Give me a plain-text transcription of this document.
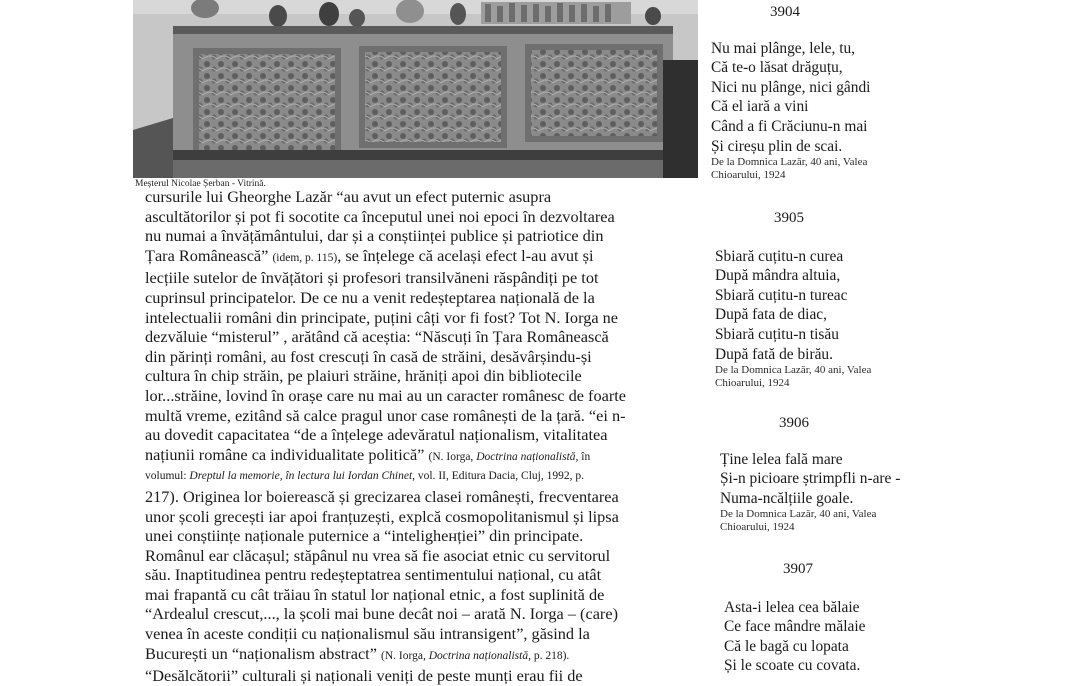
Meșterul Nicolae Șerban - Vitrină.
cursurile lui Gheorghe Lazăr “au avut un efect puternic asupra
ascultătorilor și pot fi socotite ca începutul unei noi epoci în dezvoltarea
nu numai a învățământului, dar și a conștiinței publice și patriotice din
Țara Românească” (idem, p. 115), se înțelege că același efect l-au avut și
lecțiile sutelor de învățători și profesori transilvăneni răspândiți pe tot
cuprinsul principatelor. De ce nu a venit redeșteptarea națională de la
intelectualii români din principate, puțini câți vor fi fost? Tot N. Iorga ne
dezvăluie “misterul” , arătând că aceștia: “Născuți în Țara Românească
din părinți români, au fost crescuți în casă de străini, desăvârșindu-și
cultura în chip străin, pe plaiuri străine, hrăniți apoi din bibliotecile
lor...străine, lovind în orașe care nu mai au un caracter românesc de foarte
multă vreme, ezitând să calce pragul unor case românești de la țară. “ei n-
au dovedit capacitatea “de a înțelege adevăratul naționalism, vitalitatea
națiunii române ca individualitate politică” (N. Iorga, Doctrina naționalistă, în
volumul: Dreptul la memorie, în lectura lui Iordan Chinet, vol. II, Editura Dacia, Cluj, 1992, p.
217). Originea lor boierească și grecizarea clasei românești, frecventarea
unor școli grecești iar apoi franțuzești, explcă cosmopolitanismul și lipsa
unei conștiințe naționale puternice a “inteligheнției” din principate.
Românul ear clăcașul; stăpânul nu vrea să fie asociat etnic cu servitorul
său. Inaptitudinea pentru redeșteptatrea sentimentului național, cu atât
mai frapantă cu cât trăiau în statul lor național etnic, a fost suplinită de
“Ardealul crescut,..., la școli mai bune decât noi – arată N. Iorga – (care)
venea în aceste condiții cu naționalismul său intransigent”, găsind la
București un “naționalism abstract” (N. Iorga, Doctrina naționalistă, p. 218).
“Desălcătorii” culturali și naționali veniți de peste munți erau fii de
3904
Nu mai plânge, lele, tu,
Că te-o lăsat drăguțu,
Nici nu plânge, nici gândi
Că el iară a vini
Când a fi Crăciunu-n mai
Și cireșu plin de scai.
De la Domnica Lazăr, 40 ani, Valea
Chioarului, 1924
3905
Sbiară cuțitu-n curea
După mândra altuia,
Sbiară cuțitu-n tureac
După fata de diac,
Sbiară cuțitu-n tisău
După fată de birău.
De la Domnica Lazăr, 40 ani, Valea
Chioarului, 1924
3906
Ține lelea fală mare
Și-n picioare ștrimpfli n-are -
Numa-ncălțiile goale.
De la Domnica Lazăr, 40 ani, Valea
Chioarului, 1924
3907
Asta-i lelea cea bălaie
Ce face mândre mălaie
Că le bagă cu lopata
Și le scoate cu covata.
